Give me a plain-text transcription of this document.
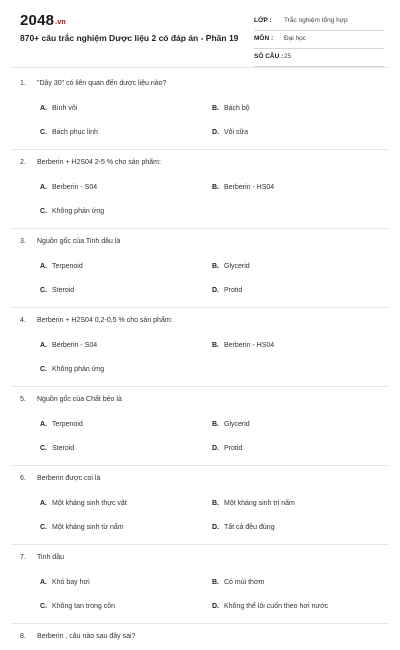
2048.vn
870+ câu trắc nghiệm Dược liệu 2 có đáp án - Phần 19
LỚP : Trắc nghiệm tổng hợp
MÔN : Đại học
SỐ CÂU : 25
1. "Dây 30" có liên quan đến dược liệu nào?
A. Bình vôi	B. Bách bộ
C. Bách phục linh	D. Vôi sữa
2. Berberin + H2S04 2-5 % cho sản phẩm:
A. Berberin - S04	B. Berberin - HS04
C. Không phản ứng
3. Nguồn gốc của Tinh dầu là
A. Terpenoid	B. Glycerid
C. Steroid	D. Protid
4. Berberin + H2S04 0,2-0,5 % cho sản phẩm:
A. Berberin - S04	B. Berberin - HS04
C. Không phản ứng
5. Nguồn gốc của Chất béo là
A. Terpenoid	B. Glycerid
C. Steroid	D. Protid
6. Berberin được coi là
A. Một kháng sinh thực vật	B. Một kháng sinh trị nấm
C. Một kháng sinh từ nấm	D. Tất cả đều đúng
7. Tinh dầu
A. Khó bay hơi	B. Có mùi thơm
C. Không tan trong cồn	D. Không thể lôi cuốn theo hơi nước
8. Berberin , câu nào sau đây sai?
